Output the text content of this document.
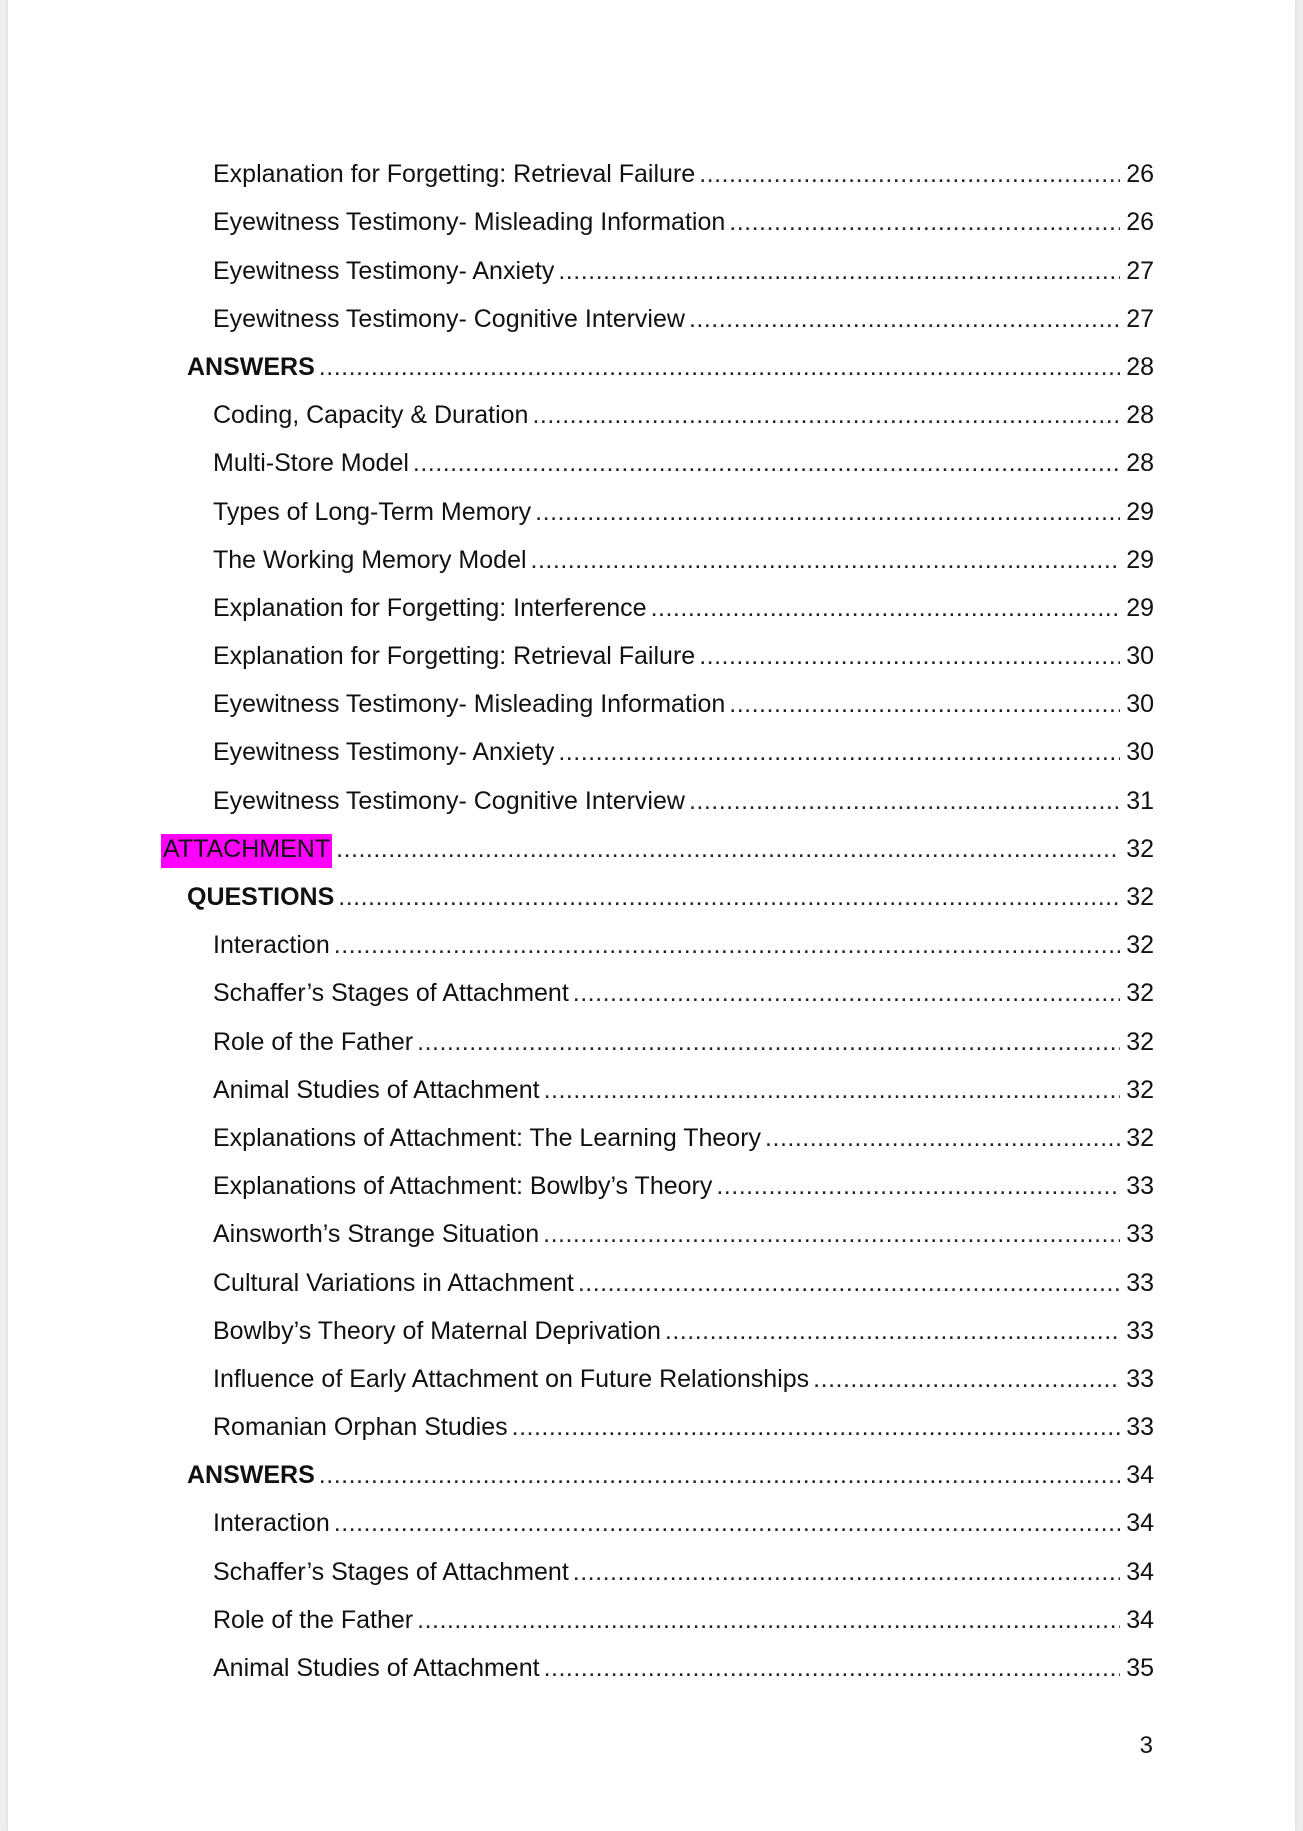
Explanation for Forgetting: Retrieval Failure .....	26
Eyewitness Testimony- Misleading Information .....	26
Eyewitness Testimony- Anxiety .....	27
Eyewitness Testimony- Cognitive Interview .....	27
ANSWERS .....	28
Coding, Capacity & Duration .....	28
Multi-Store Model .....	28
Types of Long-Term Memory .....	29
The Working Memory Model .....	29
Explanation for Forgetting: Interference .....	29
Explanation for Forgetting: Retrieval Failure .....	30
Eyewitness Testimony- Misleading Information .....	30
Eyewitness Testimony- Anxiety .....	30
Eyewitness Testimony- Cognitive Interview .....	31
ATTACHMENT .....	32
QUESTIONS .....	32
Interaction .....	32
Schaffer’s Stages of Attachment .....	32
Role of the Father .....	32
Animal Studies of Attachment .....	32
Explanations of Attachment: The Learning Theory .....	32
Explanations of Attachment: Bowlby’s Theory .....	33
Ainsworth’s Strange Situation .....	33
Cultural Variations in Attachment .....	33
Bowlby’s Theory of Maternal Deprivation .....	33
Influence of Early Attachment on Future Relationships .....	33
Romanian Orphan Studies .....	33
ANSWERS .....	34
Interaction .....	34
Schaffer’s Stages of Attachment .....	34
Role of the Father .....	34
Animal Studies of Attachment .....	35
3
